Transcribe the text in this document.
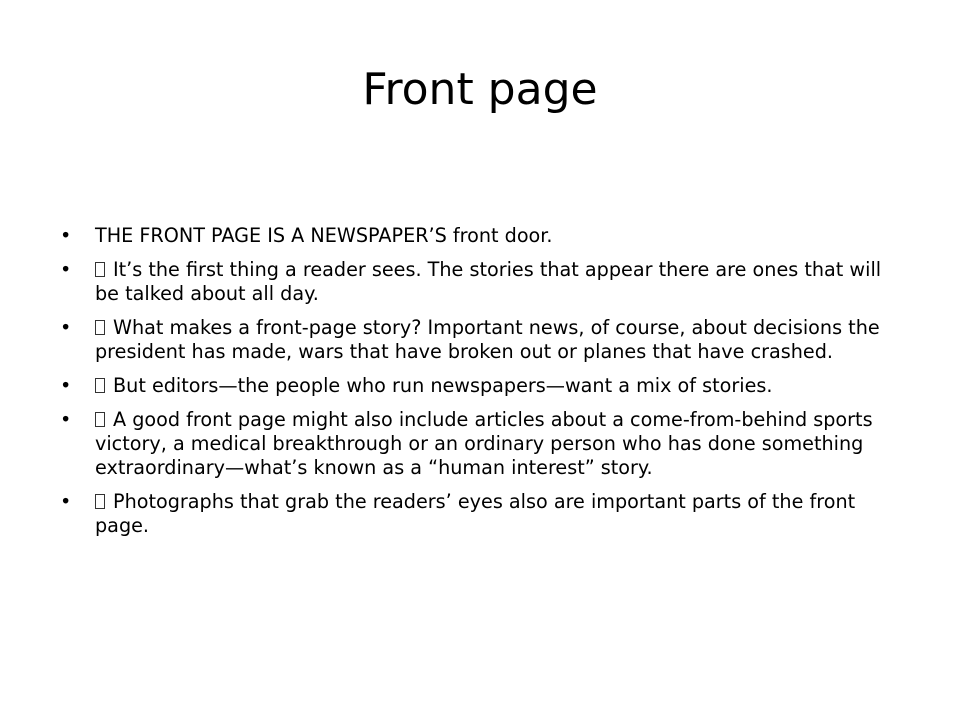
Front page
•	THE FRONT PAGE IS A NEWSPAPER’S front door.
•	It’s the first thing a reader sees. The stories that appear there are ones that will be talked about all day.
•	What makes a front-page story? Important news, of course, about decisions the president has made, wars that have broken out or planes that have crashed.
•	But editors—the people who run newspapers—want a mix of stories.
•	A good front page might also include articles about a come-from-behind sports victory, a medical breakthrough or an ordinary person who has done something extraordinary—what’s known as a “human interest” story.
•	Photographs that grab the readers’ eyes also are important parts of the front page.
